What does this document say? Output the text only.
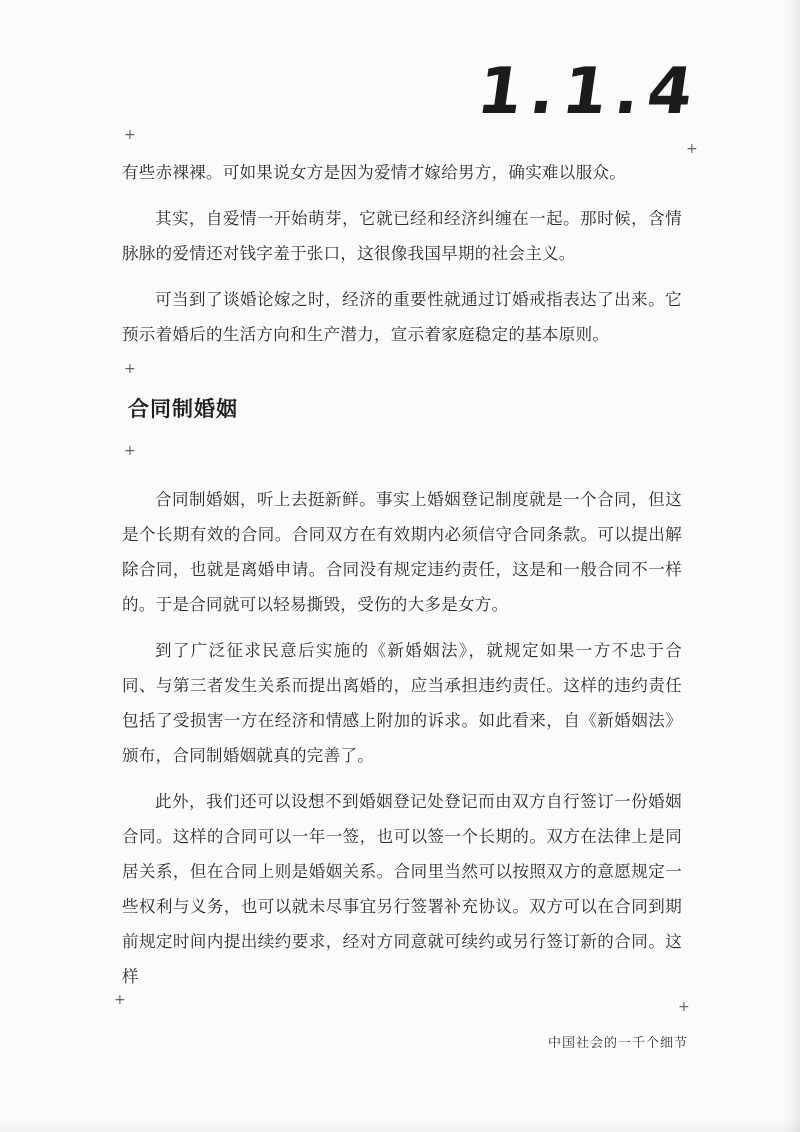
1.1.4
+
+
+
+
+	+

有些赤裸裸。可如果说女方是因为爱情才嫁给男方，确实难以服众。

其实，自爱情一开始萌芽，它就已经和经济纠缠在一起。那时候，含情脉脉的爱情还对钱字羞于张口，这很像我国早期的社会主义。

可当到了谈婚论嫁之时，经济的重要性就通过订婚戒指表达了出来。它预示着婚后的生活方向和生产潜力，宣示着家庭稳定的基本原则。

合同制婚姻

合同制婚姻，听上去挺新鲜。事实上婚姻登记制度就是一个合同，但这是个长期有效的合同。合同双方在有效期内必须信守合同条款。可以提出解除合同，也就是离婚申请。合同没有规定违约责任，这是和一般合同不一样的。于是合同就可以轻易撕毁，受伤的大多是女方。

到了广泛征求民意后实施的《新婚姻法》，就规定如果一方不忠于合同、与第三者发生关系而提出离婚的，应当承担违约责任。这样的违约责任包括了受损害一方在经济和情感上附加的诉求。如此看来，自《新婚姻法》颁布，合同制婚姻就真的完善了。

此外，我们还可以设想不到婚姻登记处登记而由双方自行签订一份婚姻合同。这样的合同可以一年一签，也可以签一个长期的。双方在法律上是同居关系，但在合同上则是婚姻关系。合同里当然可以按照双方的意愿规定一些权利与义务，也可以就未尽事宜另行签署补充协议。双方可以在合同到期前规定时间内提出续约要求，经对方同意就可续约或另行签订新的合同。这样

中国社会的一千个细节
